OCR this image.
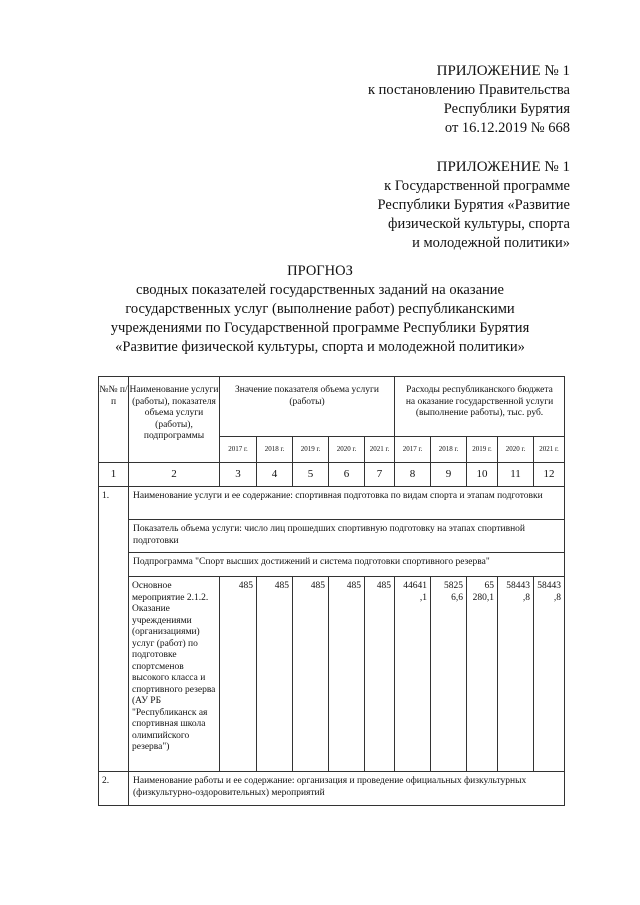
ПРИЛОЖЕНИЕ № 1
к постановлению Правительства
Республики Бурятия
от 16.12.2019 № 668
ПРИЛОЖЕНИЕ № 1
к Государственной программе
Республики Бурятия «Развитие
физической культуры, спорта
и молодежной политики»
ПРОГНОЗ
сводных показателей государственных заданий на оказание
государственных услуг (выполнение работ) республиканскими
учреждениями по Государственной программе Республики Бурятия
«Развитие физической культуры, спорта и молодежной политики»
№№ п/п	Наименование услуги (работы), показателя объема услуги (работы), подпрограммы	Значение показателя объема услуги (работы)					Расходы республиканского бюджета на оказание государственной услуги (выполнение работы), тыс. руб.				
		2017 г.	2018 г.	2019 г.	2020 г.	2021 г.	2017 г.	2018 г.	2019 г.	2020 г.	2021 г.
1	2	3	4	5	6	7	8	9	10	11	12
1.	Наименование услуги и ее содержание: спортивная подготовка по видам спорта и этапам подготовки										
	Показатель объема услуги: число лиц прошедших спортивную подготовку на этапах спортивной подготовки										
	Подпрограмма "Спорт высших достижений и система подготовки спортивного резерва"										
	Основное мероприятие 2.1.2. Оказание учреждениями (организациями) услуг (работ) по подготовке спортсменов высокого класса и спортивного резерва (АУ РБ "Республиканск ая спортивная школа олимпийского резерва")	485	485	485	485	485	44641 ,1	5825 6,6	65 280,1	58443 ,8	58443 ,8
2.	Наименование работы и ее содержание: организация и проведение официальных физкультурных (физкультурно-оздоровительных) мероприятий										
